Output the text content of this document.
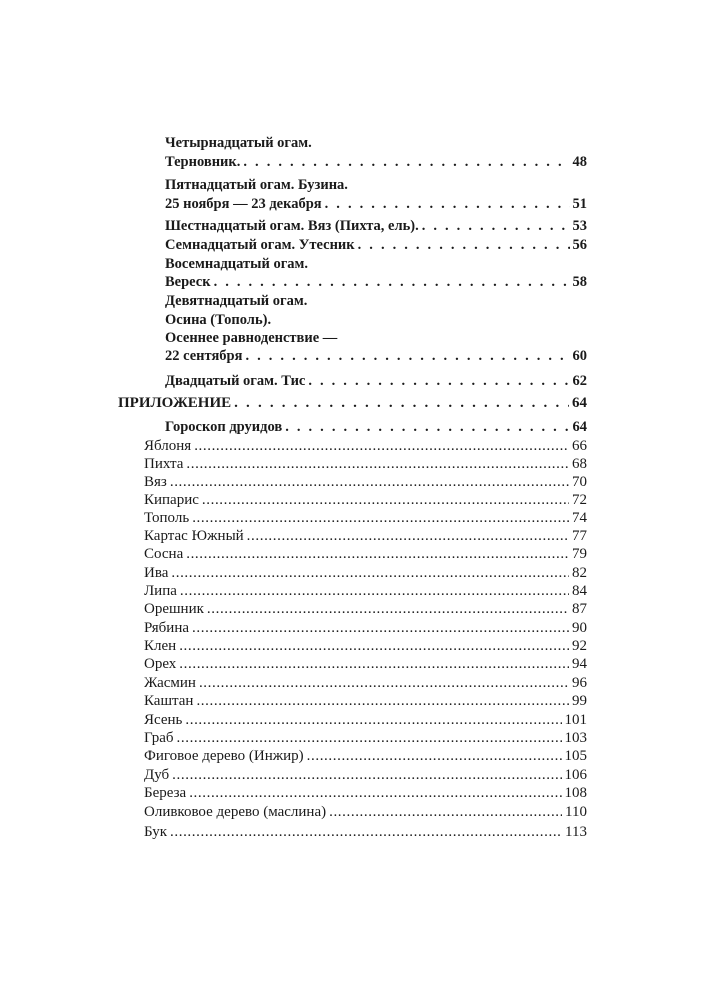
Четырнадцатый огам.
Терновник. . . .	48
Пятнадцатый огам. Бузина.
25 ноября — 23 декабря . . .	51
Шестнадцатый огам. Вяз (Пихта, ель). . . .	53
Семнадцатый огам. Утесник . . .	56
Восемнадцатый огам.
Вереск . . .	58
Девятнадцатый огам.
Осина (Тополь).
Осеннее равноденствие —
22 сентября . . .	60
Двадцатый огам. Тис . . .	62
ПРИЛОЖЕНИЕ . . .	64
Гороскоп друидов . . .	64
Яблоня .....	66
Пихта .....	68
Вяз .....	70
Кипарис .....	72
Тополь .....	74
Картас Южный .....	77
Сосна .....	79
Ива .....	82
Липа .....	84
Орешник .....	87
Рябина .....	90
Клен .....	92
Орех .....	94
Жасмин .....	96
Каштан .....	99
Ясень .....	101
Граб .....	103
Фиговое дерево (Инжир) .....	105
Дуб .....	106
Береза .....	108
Оливковое дерево (маслина) .....	110
Бук .....	113
